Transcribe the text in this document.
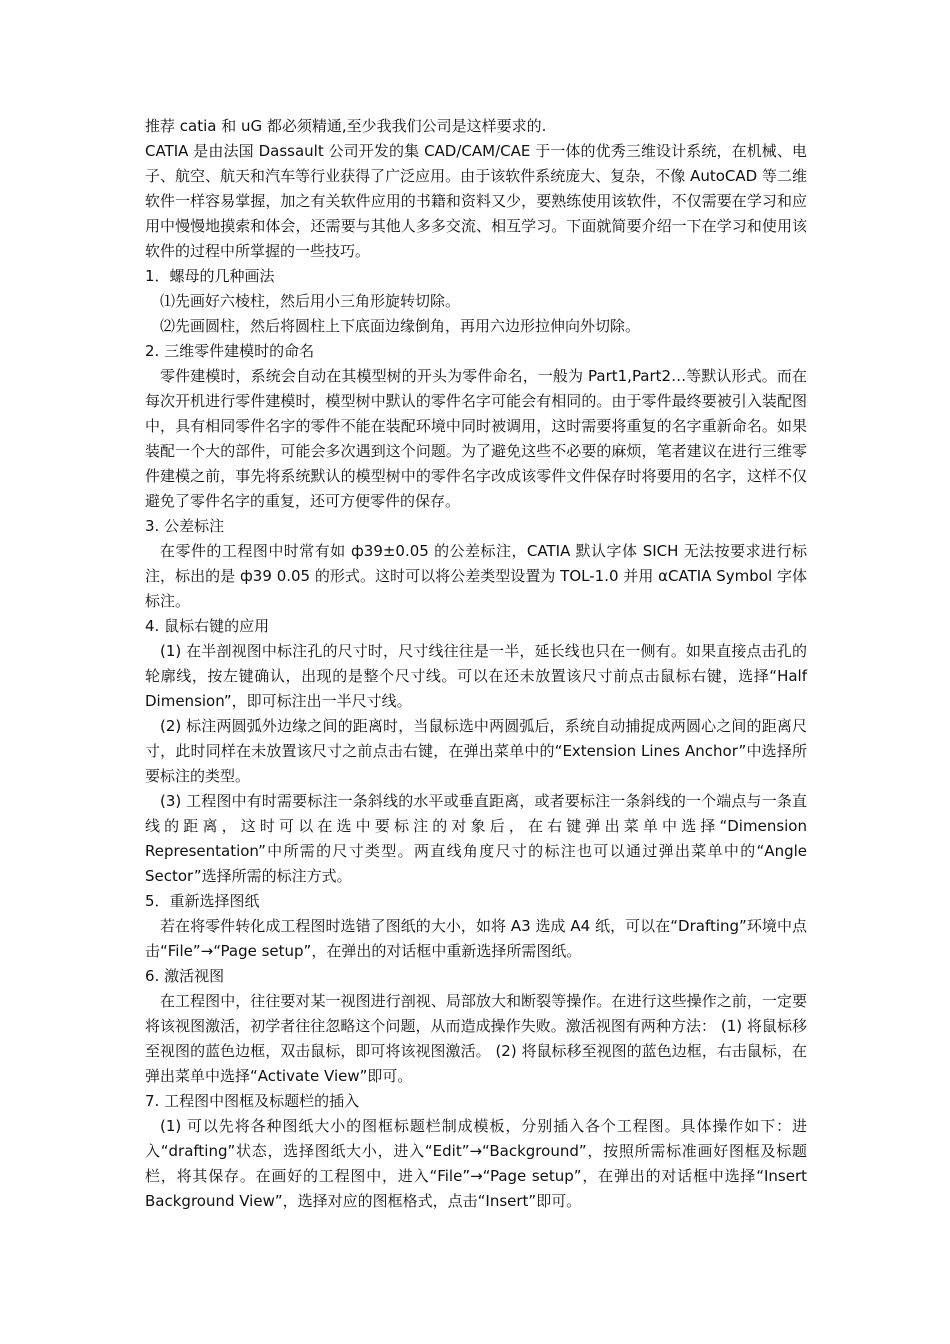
推荐 catia 和 uG 都必须精通,至少我我们公司是这样要求的.

CATIA 是由法国 Dassault 公司开发的集 CAD/CAM/CAE 于一体的优秀三维设计系统，在机械、电子、航空、航天和汽车等行业获得了广泛应用。由于该软件系统庞大、复杂，不像 AutoCAD 等二维软件一样容易掌握，加之有关软件应用的书籍和资料又少，要熟练使用该软件，不仅需要在学习和应用中慢慢地摸索和体会，还需要与其他人多多交流、相互学习。下面就简要介绍一下在学习和使用该软件的过程中所掌握的一些技巧。

1．螺母的几种画法

⑴先画好六棱柱，然后用小三角形旋转切除。

⑵先画圆柱，然后将圆柱上下底面边缘倒角，再用六边形拉伸向外切除。

2. 三维零件建模时的命名

零件建模时，系统会自动在其模型树的开头为零件命名，一般为 Part1,Part2…等默认形式。而在每次开机进行零件建模时，模型树中默认的零件名字可能会有相同的。由于零件最终要被引入装配图中，具有相同零件名字的零件不能在装配环境中同时被调用，这时需要将重复的名字重新命名。如果装配一个大的部件，可能会多次遇到这个问题。为了避免这些不必要的麻烦，笔者建议在进行三维零件建模之前，事先将系统默认的模型树中的零件名字改成该零件文件保存时将要用的名字，这样不仅避免了零件名字的重复，还可方便零件的保存。

3. 公差标注

在零件的工程图中时常有如 ф39±0.05 的公差标注，CATIA 默认字体 SICH 无法按要求进行标注，标出的是 ф39 0.05 的形式。这时可以将公差类型设置为 TOL-1.0 并用 αCATIA Symbol 字体标注。

4. 鼠标右键的应用

(1) 在半剖视图中标注孔的尺寸时，尺寸线往往是一半，延长线也只在一侧有。如果直接点击孔的轮廓线，按左键确认，出现的是整个尺寸线。可以在还未放置该尺寸前点击鼠标右键，选择“Half Dimension”，即可标注出一半尺寸线。

(2) 标注两圆弧外边缘之间的距离时，当鼠标选中两圆弧后，系统自动捕捉成两圆心之间的距离尺寸，此时同样在未放置该尺寸之前点击右键，在弹出菜单中的“Extension Lines Anchor”中选择所要标注的类型。

(3) 工程图中有时需要标注一条斜线的水平或垂直距离，或者要标注一条斜线的一个端点与一条直线的距离，这时可以在选中要标注的对象后，在右键弹出菜单中选择“Dimension Representation”中所需的尺寸类型。两直线角度尺寸的标注也可以通过弹出菜单中的“Angle Sector”选择所需的标注方式。

5．重新选择图纸

若在将零件转化成工程图时选错了图纸的大小，如将 A3 选成 A4 纸，可以在“Drafting”环境中点击“File”→“Page setup”，在弹出的对话框中重新选择所需图纸。

6. 激活视图

在工程图中，往往要对某一视图进行剖视、局部放大和断裂等操作。在进行这些操作之前，一定要将该视图激活，初学者往往忽略这个问题，从而造成操作失败。激活视图有两种方法： (1) 将鼠标移至视图的蓝色边框，双击鼠标，即可将该视图激活。 (2) 将鼠标移至视图的蓝色边框，右击鼠标，在弹出菜单中选择“Activate View”即可。

7. 工程图中图框及标题栏的插入

(1) 可以先将各种图纸大小的图框标题栏制成模板，分别插入各个工程图。具体操作如下：进入“drafting”状态，选择图纸大小，进入“Edit”→“Background”，按照所需标准画好图框及标题栏，将其保存。在画好的工程图中，进入“File”→“Page setup”，在弹出的对话框中选择“Insert Background View”，选择对应的图框格式，点击“Insert”即可。
